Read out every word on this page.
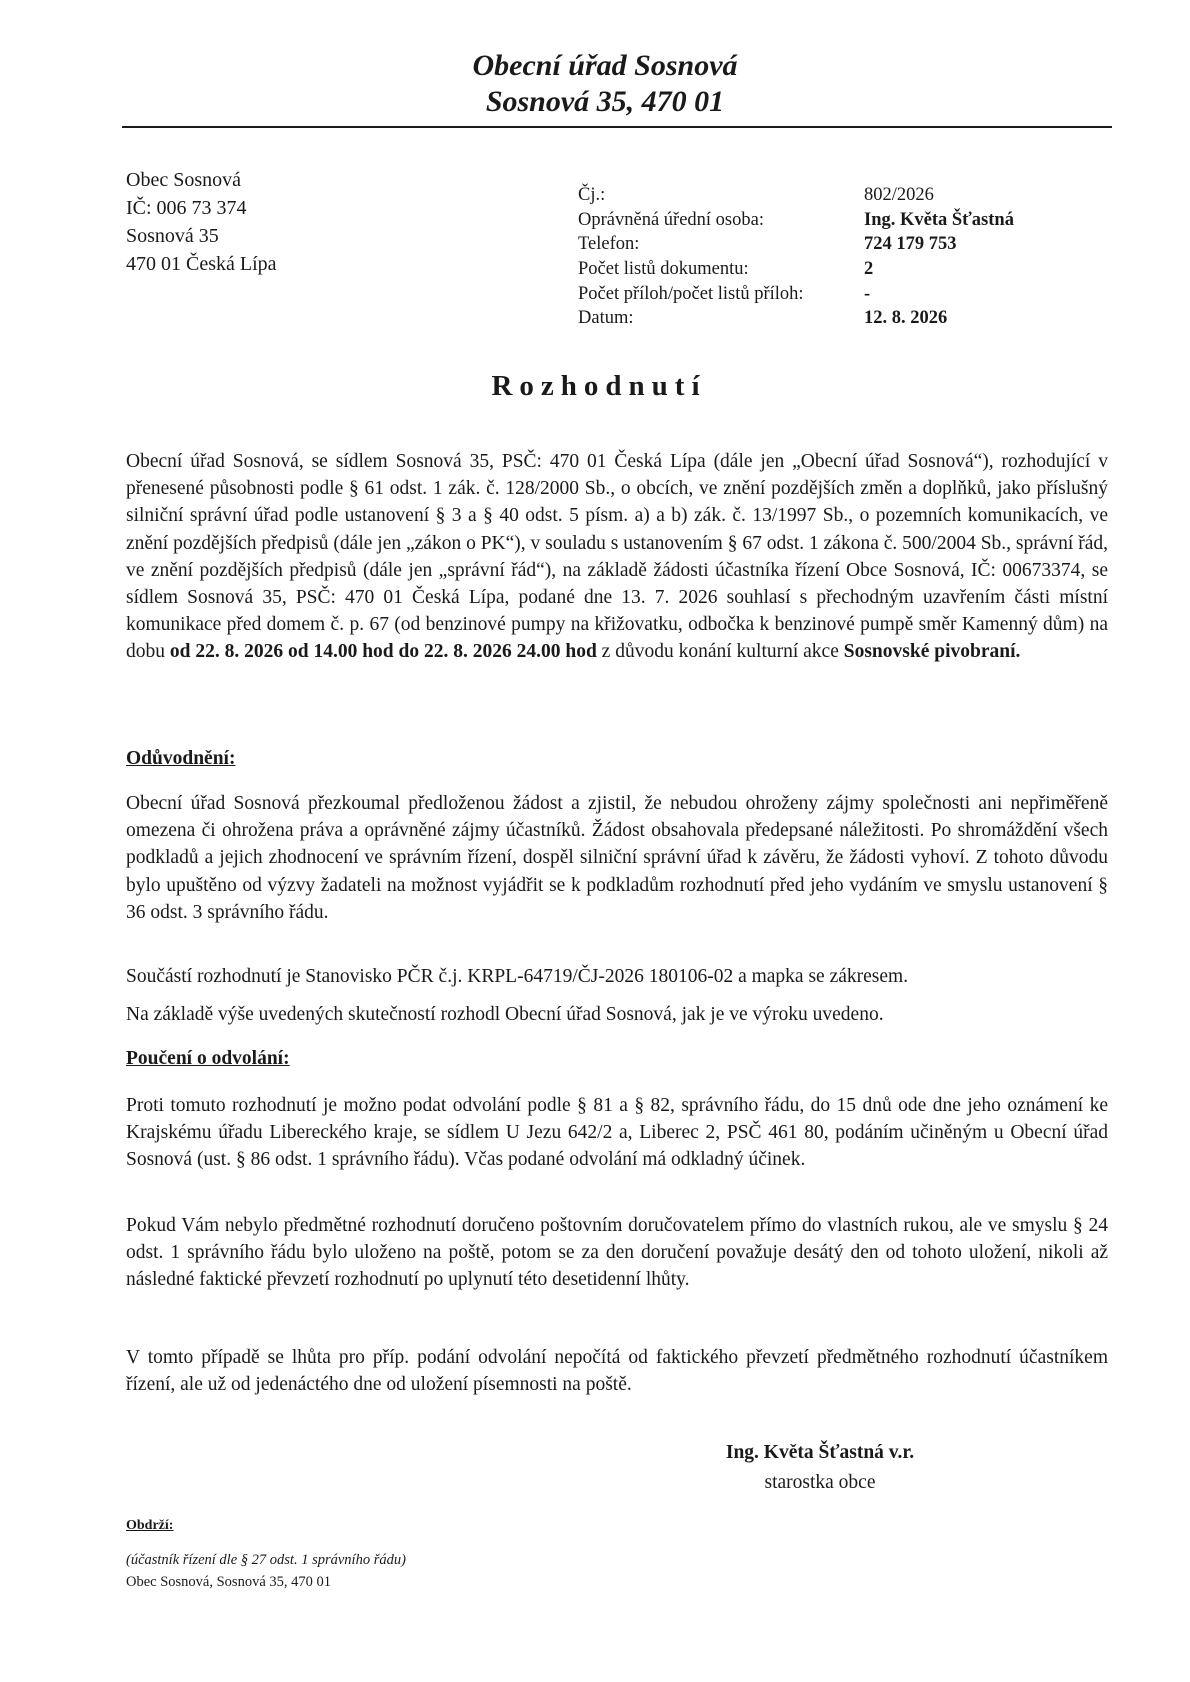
Obecní úřad Sosnová
Sosnová 35, 470 01
Obec Sosnová
IČ: 006 73 374
Sosnová 35
470 01 Česká Lípa
Čj.:	802/2026
Oprávněná úřední osoba:	Ing. Květa Šťastná
Telefon:	724 179 753
Počet listů dokumentu:	2
Počet příloh/počet listů příloh:	-
Datum:	12. 8. 2026
Rozhodnutí
Obecní úřad Sosnová, se sídlem Sosnová 35, PSČ: 470 01 Česká Lípa (dále jen „Obecní úřad Sosnová“), rozhodující v přenesené působnosti podle § 61 odst. 1 zák. č. 128/2000 Sb., o obcích, ve znění pozdějších změn a doplňků, jako příslušný silniční správní úřad podle ustanovení § 3 a § 40 odst. 5 písm. a) a b) zák. č. 13/1997 Sb., o pozemních komunikacích, ve znění pozdějších předpisů (dále jen „zákon o PK“), v souladu s ustanovením § 67 odst. 1 zákona č. 500/2004 Sb., správní řád, ve znění pozdějších předpisů (dále jen „správní řád“), na základě žádosti účastníka řízení Obce Sosnová, IČ: 00673374, se sídlem Sosnová 35, PSČ: 470 01 Česká Lípa, podané dne 13. 7. 2026 souhlasí s přechodným uzavřením části místní komunikace před domem č. p. 67 (od benzinové pumpy na křižovatku, odbočka k benzinové pumpě směr Kamenný dům) na dobu od 22. 8. 2026 od 14.00 hod do 22. 8. 2026 24.00 hod z důvodu konání kulturní akce Sosnovské pivobraní.
Odůvodnění:
Obecní úřad Sosnová přezkoumal předloženou žádost a zjistil, že nebudou ohroženy zájmy společnosti ani nepřiměřeně omezena či ohrožena práva a oprávněné zájmy účastníků. Žádost obsahovala předepsané náležitosti. Po shromáždění všech podkladů a jejich zhodnocení ve správním řízení, dospěl silniční správní úřad k závěru, že žádosti vyhoví. Z tohoto důvodu bylo upuštěno od výzvy žadateli na možnost vyjádřit se k podkladům rozhodnutí před jeho vydáním ve smyslu ustanovení § 36 odst. 3 správního řádu.
Součástí rozhodnutí je Stanovisko PČR č.j. KRPL-64719/ČJ-2026 180106-02 a mapka se zákresem.
Na základě výše uvedených skutečností rozhodl Obecní úřad Sosnová, jak je ve výroku uvedeno.
Poučení o odvolání:
Proti tomuto rozhodnutí je možno podat odvolání podle § 81 a § 82, správního řádu, do 15 dnů ode dne jeho oznámení ke Krajskému úřadu Libereckého kraje, se sídlem U Jezu 642/2 a, Liberec 2, PSČ 461 80, podáním učiněným u Obecní úřad Sosnová (ust. § 86 odst. 1 správního řádu). Včas podané odvolání má odkladný účinek.
Pokud Vám nebylo předmětné rozhodnutí doručeno poštovním doručovatelem přímo do vlastních rukou, ale ve smyslu § 24 odst. 1 správního řádu bylo uloženo na poště, potom se za den doručení považuje desátý den od tohoto uložení, nikoli až následné faktické převzetí rozhodnutí po uplynutí této desetidenní lhůty.
V tomto případě se lhůta pro příp. podání odvolání nepočítá od faktického převzetí předmětného rozhodnutí účastníkem řízení, ale už od jedenáctého dne od uložení písemnosti na poště.
Ing. Květa Šťastná v.r.
starostka obce
Obdrží:
(účastník řízení dle § 27 odst. 1 správního řádu)
Obec Sosnová, Sosnová 35, 470 01
